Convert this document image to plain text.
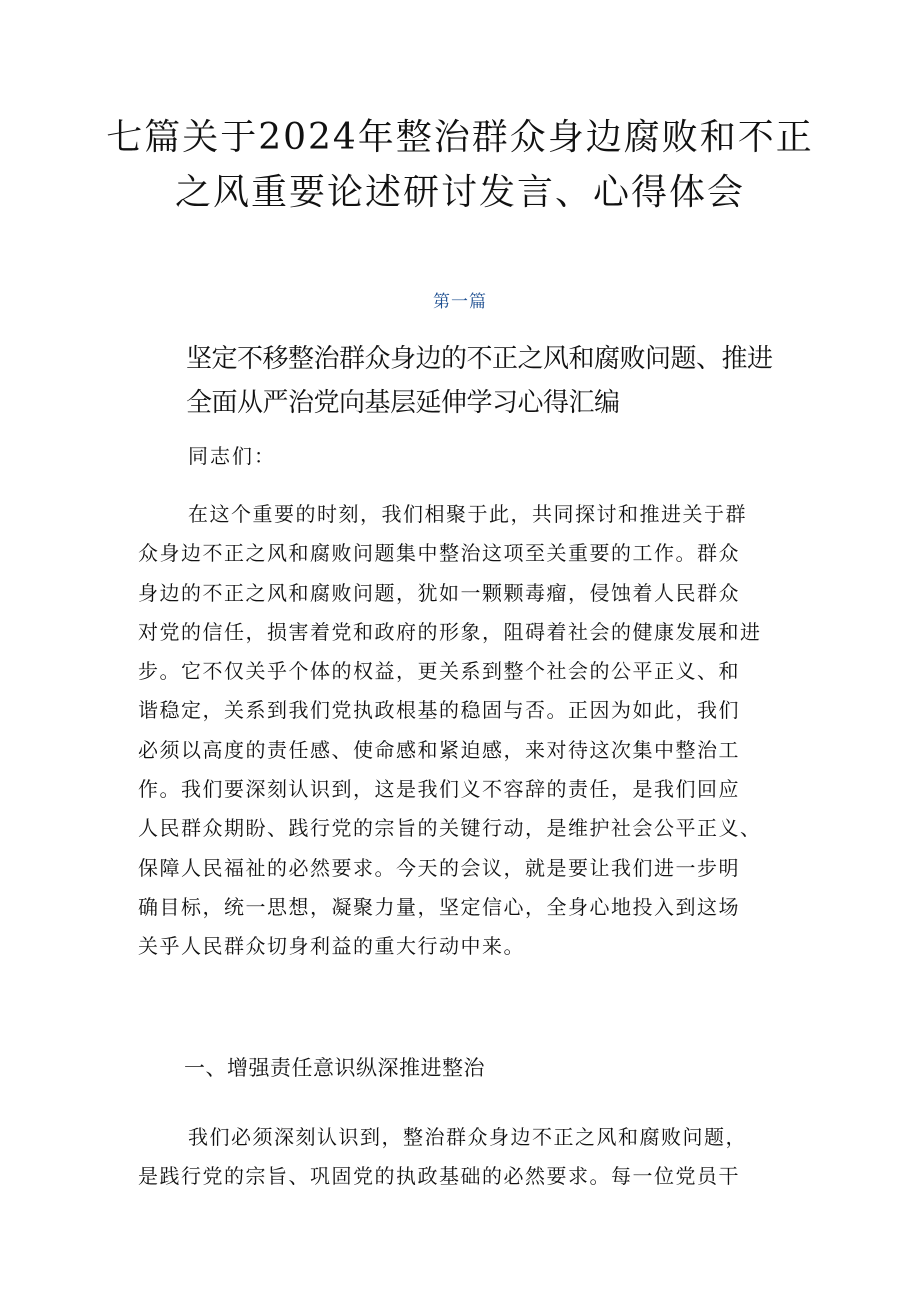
七篇关于2024年整治群众身边腐败和不正
之风重要论述研讨发言、心得体会
第一篇
坚定不移整治群众身边的不正之风和腐败问题、推进
全面从严治党向基层延伸学习心得汇编
同志们：
在这个重要的时刻，我们相聚于此，共同探讨和推进关于群
众身边不正之风和腐败问题集中整治这项至关重要的工作。群众
身边的不正之风和腐败问题，犹如一颗颗毒瘤，侵蚀着人民群众
对党的信任，损害着党和政府的形象，阻碍着社会的健康发展和进
步。它不仅关乎个体的权益，更关系到整个社会的公平正义、和
谐稳定，关系到我们党执政根基的稳固与否。正因为如此，我们
必须以高度的责任感、使命感和紧迫感，来对待这次集中整治工
作。我们要深刻认识到，这是我们义不容辞的责任，是我们回应
人民群众期盼、践行党的宗旨的关键行动，是维护社会公平正义、
保障人民福祉的必然要求。今天的会议，就是要让我们进一步明
确目标，统一思想，凝聚力量，坚定信心，全身心地投入到这场
关乎人民群众切身利益的重大行动中来。
一、增强责任意识纵深推进整治
我们必须深刻认识到，整治群众身边不正之风和腐败问题，
是践行党的宗旨、巩固党的执政基础的必然要求。每一位党员干
